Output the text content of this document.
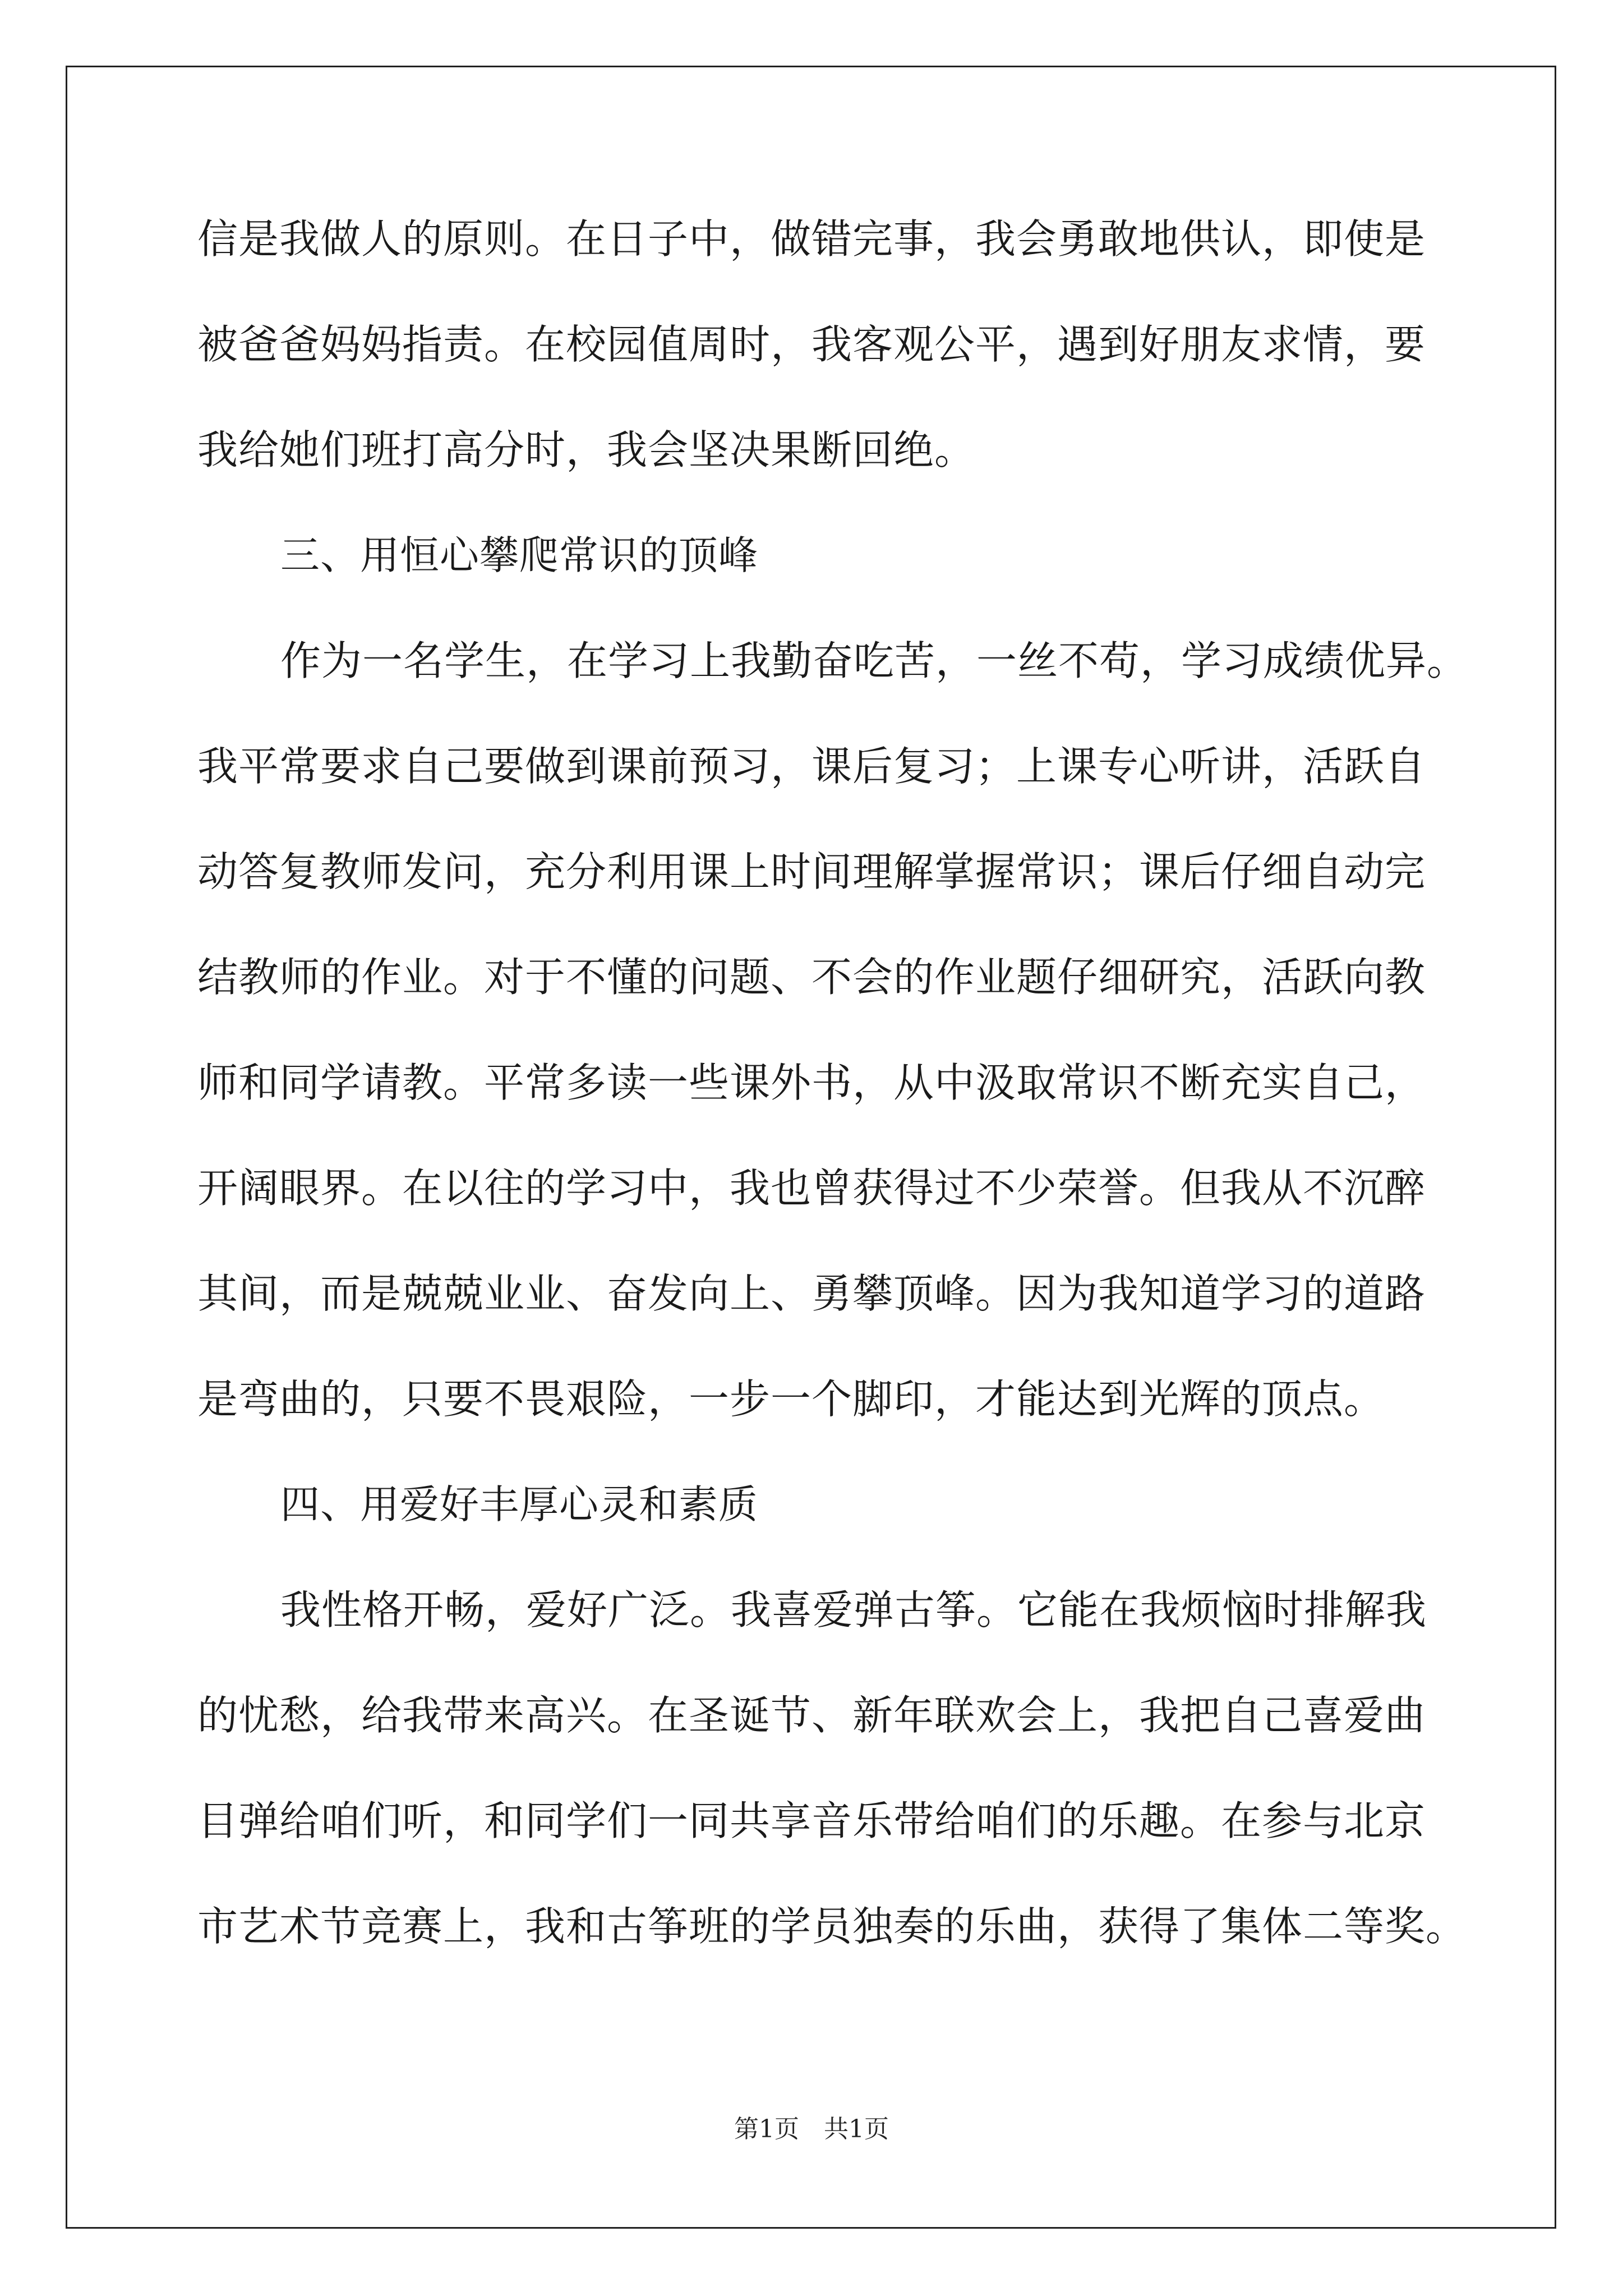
信是我做人的原则。在日子中，做错完事，我会勇敢地供认，即使是
被爸爸妈妈指责。在校园值周时，我客观公平，遇到好朋友求情，要
我给她们班打高分时，我会坚决果断回绝。
三、用恒心攀爬常识的顶峰
作为一名学生，在学习上我勤奋吃苦，一丝不苟，学习成绩优异。
我平常要求自己要做到课前预习，课后复习；上课专心听讲，活跃自
动答复教师发问，充分利用课上时间理解掌握常识；课后仔细自动完
结教师的作业。对于不懂的问题、不会的作业题仔细研究，活跃向教
师和同学请教。平常多读一些课外书，从中汲取常识不断充实自己，
开阔眼界。在以往的学习中，我也曾获得过不少荣誉。但我从不沉醉
其间，而是兢兢业业、奋发向上、勇攀顶峰。因为我知道学习的道路
是弯曲的，只要不畏艰险，一步一个脚印，才能达到光辉的顶点。
四、用爱好丰厚心灵和素质
我性格开畅，爱好广泛。我喜爱弹古筝。它能在我烦恼时排解我
的忧愁，给我带来高兴。在圣诞节、新年联欢会上，我把自己喜爱曲
目弹给咱们听，和同学们一同共享音乐带给咱们的乐趣。在参与北京
市艺术节竞赛上，我和古筝班的学员独奏的乐曲，获得了集体二等奖。
第1页　共1页
